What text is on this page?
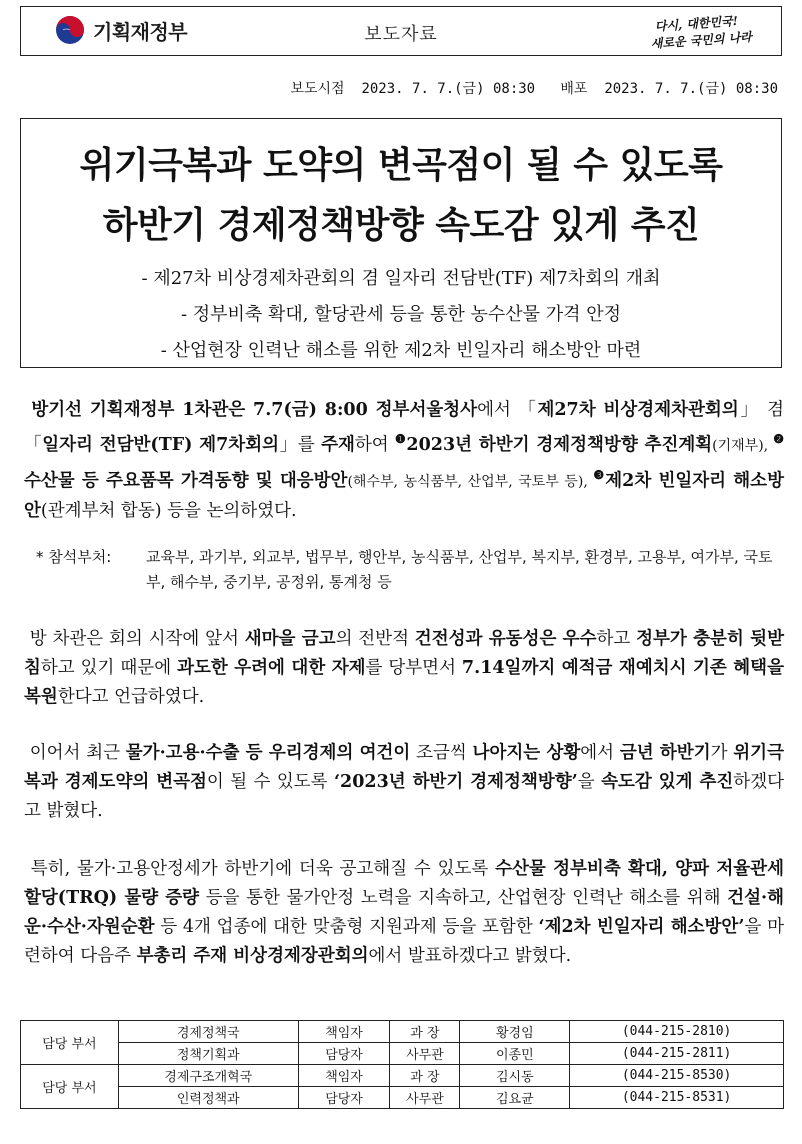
기획재정부	보도자료
다시, 대한민국!
새로운 국민의 나라
보도시점 2023. 7. 7.(금) 08:30 배포 2023. 7. 7.(금) 08:30
위기극복과 도약의 변곡점이 될 수 있도록
하반기 경제정책방향 속도감 있게 추진
- 제27차 비상경제차관회의 겸 일자리 전담반(TF) 제7차회의 개최
- 정부비축 확대, 할당관세 등을 통한 농수산물 가격 안정
- 산업현장 인력난 해소를 위한 제2차 빈일자리 해소방안 마련
방기선 기획재정부 1차관은 7.7(금) 8:00 정부서울청사에서 「제27차 비상경제차관회의」 겸 「일자리 전담반(TF) 제7차회의」를 주재하여 $^❶$2023년 하반기 경제정책방향 추진계획(기재부), $^❷$수산물 등 주요품목 가격동향 및 대응방안(해수부, 농식품부, 산업부, 국토부 등), $^❸$제2차 빈일자리 해소방안(관계부처 합동) 등을 논의하였다.
* 참석부처: 교육부, 과기부, 외교부, 법무부, 행안부, 농식품부, 산업부, 복지부, 환경부, 고용부, 여가부, 국토부, 해수부, 중기부, 공정위, 통계청 등
방 차관은 회의 시작에 앞서 새마을 금고의 전반적 건전성과 유동성은 우수하고 정부가 충분히 뒷받침하고 있기 때문에 과도한 우려에 대한 자제를 당부면서 7.14일까지 예적금 재예치시 기존 혜택을 복원한다고 언급하였다.
이어서 최근 물가·고용·수출 등 우리경제의 여건이 조금씩 나아지는 상황에서 금년 하반기가 위기극복과 경제도약의 변곡점이 될 수 있도록 ‘2023년 하반기 경제정책방향’을 속도감 있게 추진하겠다고 밝혔다.
특히, 물가·고용안정세가 하반기에 더욱 공고해질 수 있도록 수산물 정부비축 확대, 양파 저율관세할당(TRQ) 물량 증량 등을 통한 물가안정 노력을 지속하고, 산업현장 인력난 해소를 위해 건설·해운·수산·자원순환 등 4개 업종에 대한 맞춤형 지원과제 등을 포함한 ‘제2차 빈일자리 해소방안’을 마련하여 다음주 부총리 주재 비상경제장관회의에서 발표하겠다고 밝혔다.
담당 부서	경제정책국	책임자	과 장	황경임	(044-215-2810)
	정책기획과	담당자	사무관	이종민	(044-215-2811)
담당 부서	경제구조개혁국	책임자	과 장	김시동	(044-215-8530)
	인력정책과	담당자	사무관	김요균	(044-215-8531)
